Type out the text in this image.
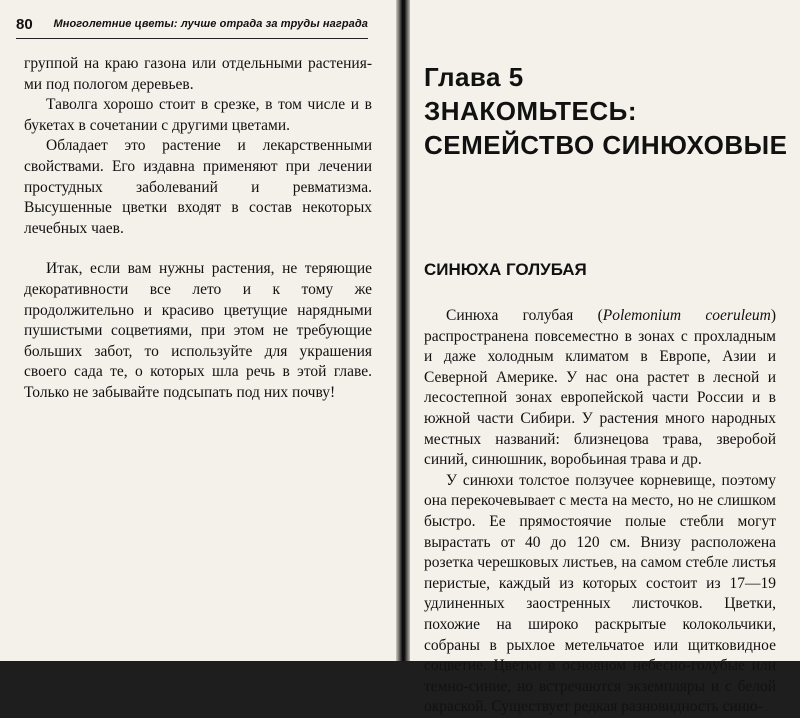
80 Многолетние цветы: лучше отрада за труды награда

группой на краю газона или отдельными растения-ми под пологом деревьев.

Таволга хорошо стоит в срезке, в том числе и в букетах в сочетании с другими цветами.

Обладает это растение и лекарственными свойствами. Его издавна применяют при лечении простудных заболеваний и ревматизма. Высушенные цветки входят в состав некоторых лечебных чаев.

Итак, если вам нужны растения, не теряющие декоративности все лето и к тому же продолжительно и красиво цветущие нарядными пушистыми соцветиями, при этом не требующие больших забот, то используйте для украшения своего сада те, о которых шла речь в этой главе. Только не забывайте подсыпать под них почву!

Глава 5
ЗНАКОМЬТЕСЬ:
СЕМЕЙСТВО СИНЮХОВЫЕ
СИНЮХА ГОЛУБАЯ

Синюха голубая (Polemonium coeruleum) распространена повсеместно в зонах с прохладным и даже холодным климатом в Европе, Азии и Северной Америке. У нас она растет в лесной и лесостепной зонах европейской части России и в южной части Сибири. У растения много народных местных названий: близнецова трава, зверобой синий, синюшник, воробьиная трава и др.

У синюхи толстое ползучее корневище, поэтому она перекочевывает с места на место, но не слишком быстро. Ее прямостоячие полые стебли могут вырастать от 40 до 120 см. Внизу расположена розетка черешковых листьев, на самом стебле листья перистые, каждый из которых состоит из 17—19 удлиненных заостренных листочков. Цветки, похожие на широко раскрытые колокольчики, собраны в рыхлое метельчатое или щитковидное соцветие. Цветки в основном небесно-голубые или темно-синие, но встречаются экземпляры и с белой окраской. Существует редкая разновидность синю-
